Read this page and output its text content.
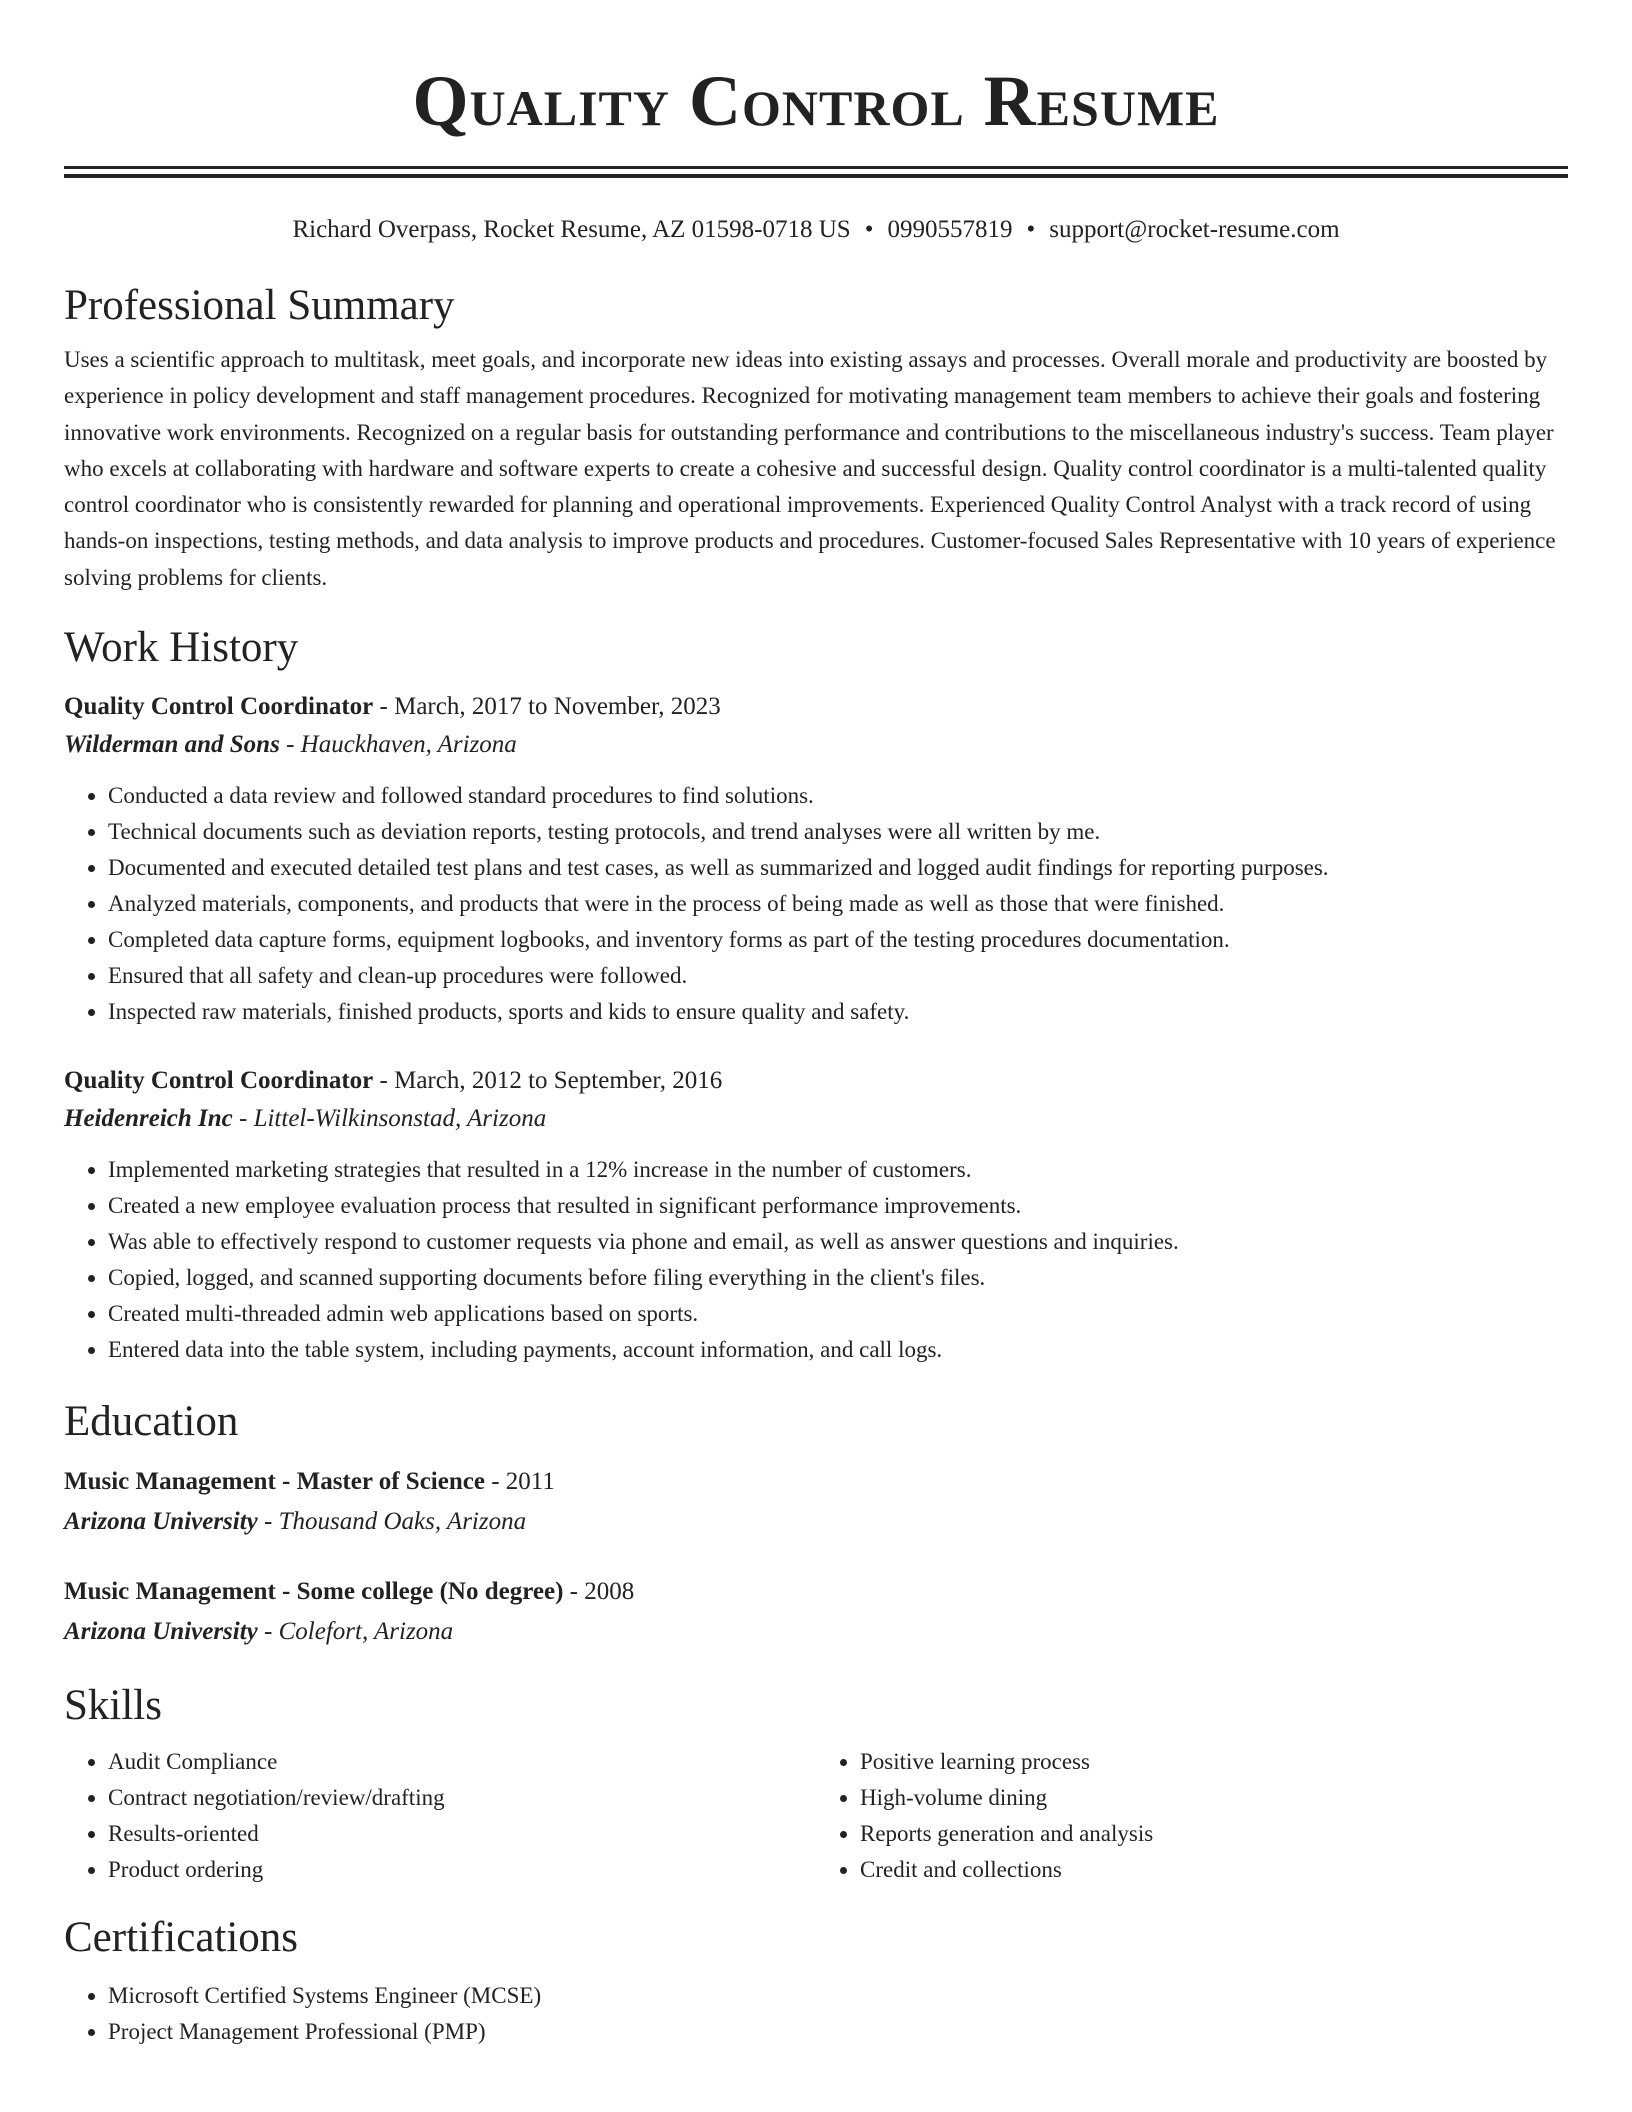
Quality Control Resume
Richard Overpass, Rocket Resume, AZ 01598-0718 US • 0990557819 • support@rocket-resume.com
Professional Summary

Uses a scientific approach to multitask, meet goals, and incorporate new ideas into existing assays and processes. Overall morale and productivity are boosted by experience in policy development and staff management procedures. Recognized for motivating management team members to achieve their goals and fostering innovative work environments. Recognized on a regular basis for outstanding performance and contributions to the miscellaneous industry's success. Team player who excels at collaborating with hardware and software experts to create a cohesive and successful design. Quality control coordinator is a multi-talented quality control coordinator who is consistently rewarded for planning and operational improvements. Experienced Quality Control Analyst with a track record of using hands-on inspections, testing methods, and data analysis to improve products and procedures. Customer-focused Sales Representative with 10 years of experience solving problems for clients.

Work History
Quality Control Coordinator - March, 2017 to November, 2023
Wilderman and Sons - Hauckhaven, Arizona
• Conducted a data review and followed standard procedures to find solutions.
• Technical documents such as deviation reports, testing protocols, and trend analyses were all written by me.
• Documented and executed detailed test plans and test cases, as well as summarized and logged audit findings for reporting purposes.
• Analyzed materials, components, and products that were in the process of being made as well as those that were finished.
• Completed data capture forms, equipment logbooks, and inventory forms as part of the testing procedures documentation.
• Ensured that all safety and clean-up procedures were followed.
• Inspected raw materials, finished products, sports and kids to ensure quality and safety.
Quality Control Coordinator - March, 2012 to September, 2016
Heidenreich Inc - Littel-Wilkinsonstad, Arizona
• Implemented marketing strategies that resulted in a 12% increase in the number of customers.
• Created a new employee evaluation process that resulted in significant performance improvements.
• Was able to effectively respond to customer requests via phone and email, as well as answer questions and inquiries.
• Copied, logged, and scanned supporting documents before filing everything in the client's files.
• Created multi-threaded admin web applications based on sports.
• Entered data into the table system, including payments, account information, and call logs.
Education
Music Management - Master of Science - 2011
Arizona University - Thousand Oaks, Arizona
Music Management - Some college (No degree) - 2008
Arizona University - Colefort, Arizona
Skills
• Audit Compliance
• Contract negotiation/review/drafting
• Results-oriented
• Product ordering
• Positive learning process
• High-volume dining
• Reports generation and analysis
• Credit and collections
Certifications
• Microsoft Certified Systems Engineer (MCSE)
• Project Management Professional (PMP)
